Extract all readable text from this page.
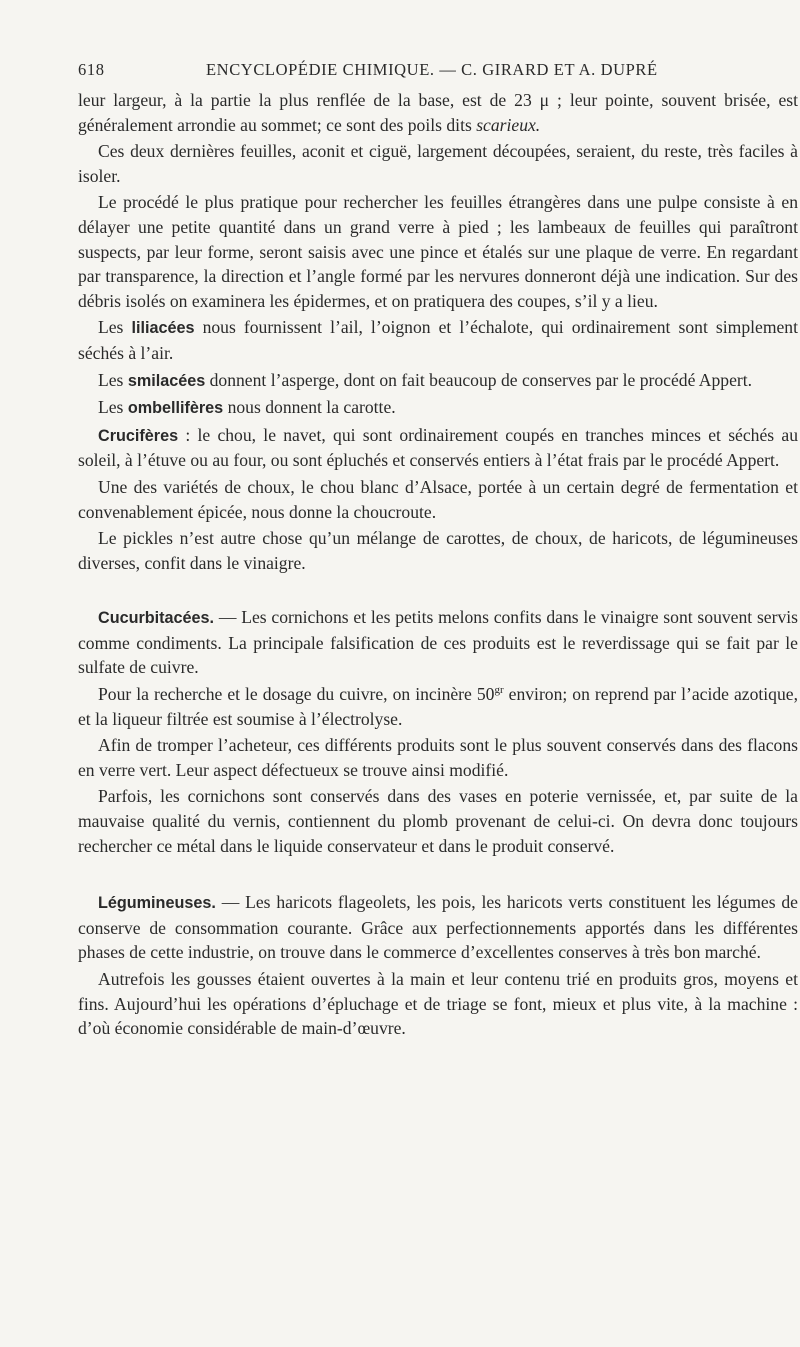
618	ENCYCLOPÉDIE CHIMIQUE. — C. GIRARD ET A. DUPRÉ

leur largeur, à la partie la plus renflée de la base, est de 23 μ ; leur pointe, souvent brisée, est généralement arrondie au sommet; ce sont des poils dits scarieux.

Ces deux dernières feuilles, aconit et ciguë, largement découpées, seraient, du reste, très faciles à isoler.

Le procédé le plus pratique pour rechercher les feuilles étrangères dans une pulpe consiste à en délayer une petite quantité dans un grand verre à pied ; les lambeaux de feuilles qui paraîtront suspects, par leur forme, seront saisis avec une pince et étalés sur une plaque de verre. En regardant par transparence, la direction et l’angle formé par les nervures donneront déjà une indication. Sur des débris isolés on examinera les épidermes, et on pratiquera des coupes, s’il y a lieu.

Les liliacées nous fournissent l’ail, l’oignon et l’échalote, qui ordinairement sont simplement séchés à l’air.

Les smilacées donnent l’asperge, dont on fait beaucoup de conserves par le procédé Appert.

Les ombellifères nous donnent la carotte.

Crucifères : le chou, le navet, qui sont ordinairement coupés en tranches minces et séchés au soleil, à l’étuve ou au four, ou sont épluchés et conservés entiers à l’état frais par le procédé Appert.

Une des variétés de choux, le chou blanc d’Alsace, portée à un certain degré de fermentation et convenablement épicée, nous donne la choucroute.

Le pickles n’est autre chose qu’un mélange de carottes, de choux, de haricots, de légumineuses diverses, confit dans le vinaigre.

Cucurbitacées. — Les cornichons et les petits melons confits dans le vinaigre sont souvent servis comme condiments. La principale falsification de ces produits est le reverdissage qui se fait par le sulfate de cuivre.

Pour la recherche et le dosage du cuivre, on incinère $50^{gr}$ environ; on reprend par l’acide azotique, et la liqueur filtrée est soumise à l’électrolyse.

Afin de tromper l’acheteur, ces différents produits sont le plus souvent conservés dans des flacons en verre vert. Leur aspect défectueux se trouve ainsi modifié.

Parfois, les cornichons sont conservés dans des vases en poterie vernissée, et, par suite de la mauvaise qualité du vernis, contiennent du plomb provenant de celui-ci. On devra donc toujours rechercher ce métal dans le liquide conservateur et dans le produit conservé.

Légumineuses. — Les haricots flageolets, les pois, les haricots verts constituent les légumes de conserve de consommation courante. Grâce aux perfectionnements apportés dans les différentes phases de cette industrie, on trouve dans le commerce d’excellentes conserves à très bon marché.

Autrefois les gousses étaient ouvertes à la main et leur contenu trié en produits gros, moyens et fins. Aujourd’hui les opérations d’épluchage et de triage se font, mieux et plus vite, à la machine : d’où économie considérable de main-d’œuvre.
